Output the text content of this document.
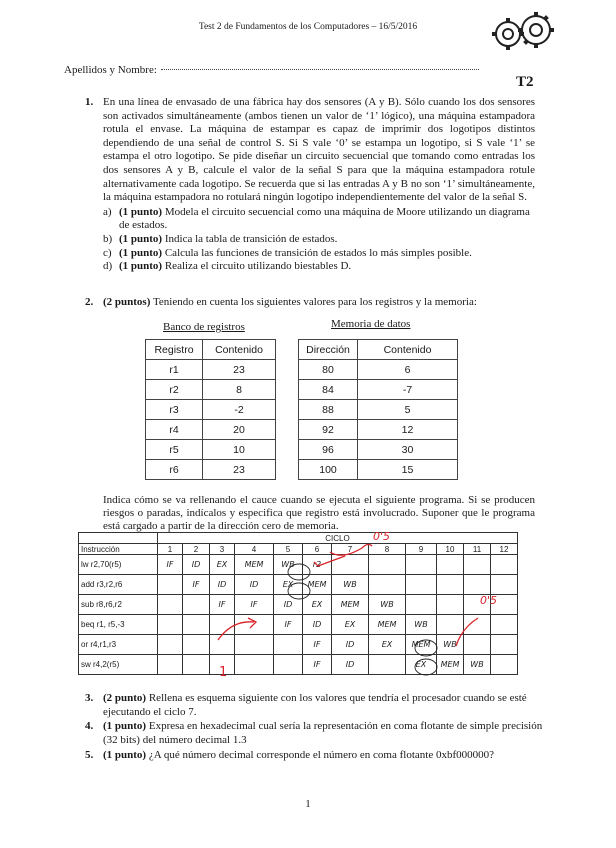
Test 2 de Fundamentos de los Computadores – 16/5/2016
Apellidos y Nombre:
T2
1. En una línea de envasado de una fábrica hay dos sensores (A y B). Sólo cuando los dos sensores son activados simultáneamente (ambos tienen un valor de ‘1’ lógico), una máquina estampadora rotula el envase. La máquina de estampar es capaz de imprimir dos logotipos distintos dependiendo de una señal de control S. Si S vale ‘0’ se estampa un logotipo, si S vale ‘1’ se estampa el otro logotipo. Se pide diseñar un circuito secuencial que tomando como entradas los dos sensores A y B, calcule el valor de la señal S para que la máquina estampadora rotule alternativamente cada logotipo. Se recuerda que si las entradas A y B no son ‘1’ simultáneamente, la máquina estampadora no rotulará ningún logotipo independientemente del valor de la señal S.
a) (1 punto) Modela el circuito secuencial como una máquina de Moore utilizando un diagrama de estados.
b) (1 punto) Indica la tabla de transición de estados.
c) (1 punto) Calcula las funciones de transición de estados lo más simples posible.
d) (1 punto) Realiza el circuito utilizando biestables D.
2. (2 puntos) Teniendo en cuenta los siguientes valores para los registros y la memoria:
Banco de registros	Memoria de datos
Registro	Contenido
r1	23
r2	8
r3	-2
r4	20
r5	10
r6	23
Dirección	Contenido
80	6
84	-7
88	5
92	12
96	30
100	15
Indica cómo se va rellenando el cauce cuando se ejecuta el siguiente programa. Si se producen riesgos o paradas, indícalos y especifica que registro está involucrado. Suponer que le programa está cargado a partir de la dirección cero de memoria.
	CICLO											
Instrucción	1	2	3	4	5	6	7	8	9	10	11	12
lw r2,70(r5)	IF	ID	EX	MEM	WB	r2						
add r3,r2,r6		IF	ID	ID	EX	MEM	WB					
sub r8,r6,r2			IF	IF	ID	EX	MEM	WB				
beq r1, r5,-3					IF	ID	EX	MEM	WB			
or r4,r1,r3						IF	ID	EX	MEM	WB		
sw r4,2(r5)						IF	ID		EX	MEM	WB	
0'5
0'5
1
3. (2 punto) Rellena es esquema siguiente con los valores que tendría el procesador cuando se esté ejecutando el ciclo 7.
4. (1 punto) Expresa en hexadecimal cual sería la representación en coma flotante de simple precisión (32 bits) del número decimal 1.3
5. (1 punto) ¿A qué número decimal corresponde el número en coma flotante 0xbf000000?
1
